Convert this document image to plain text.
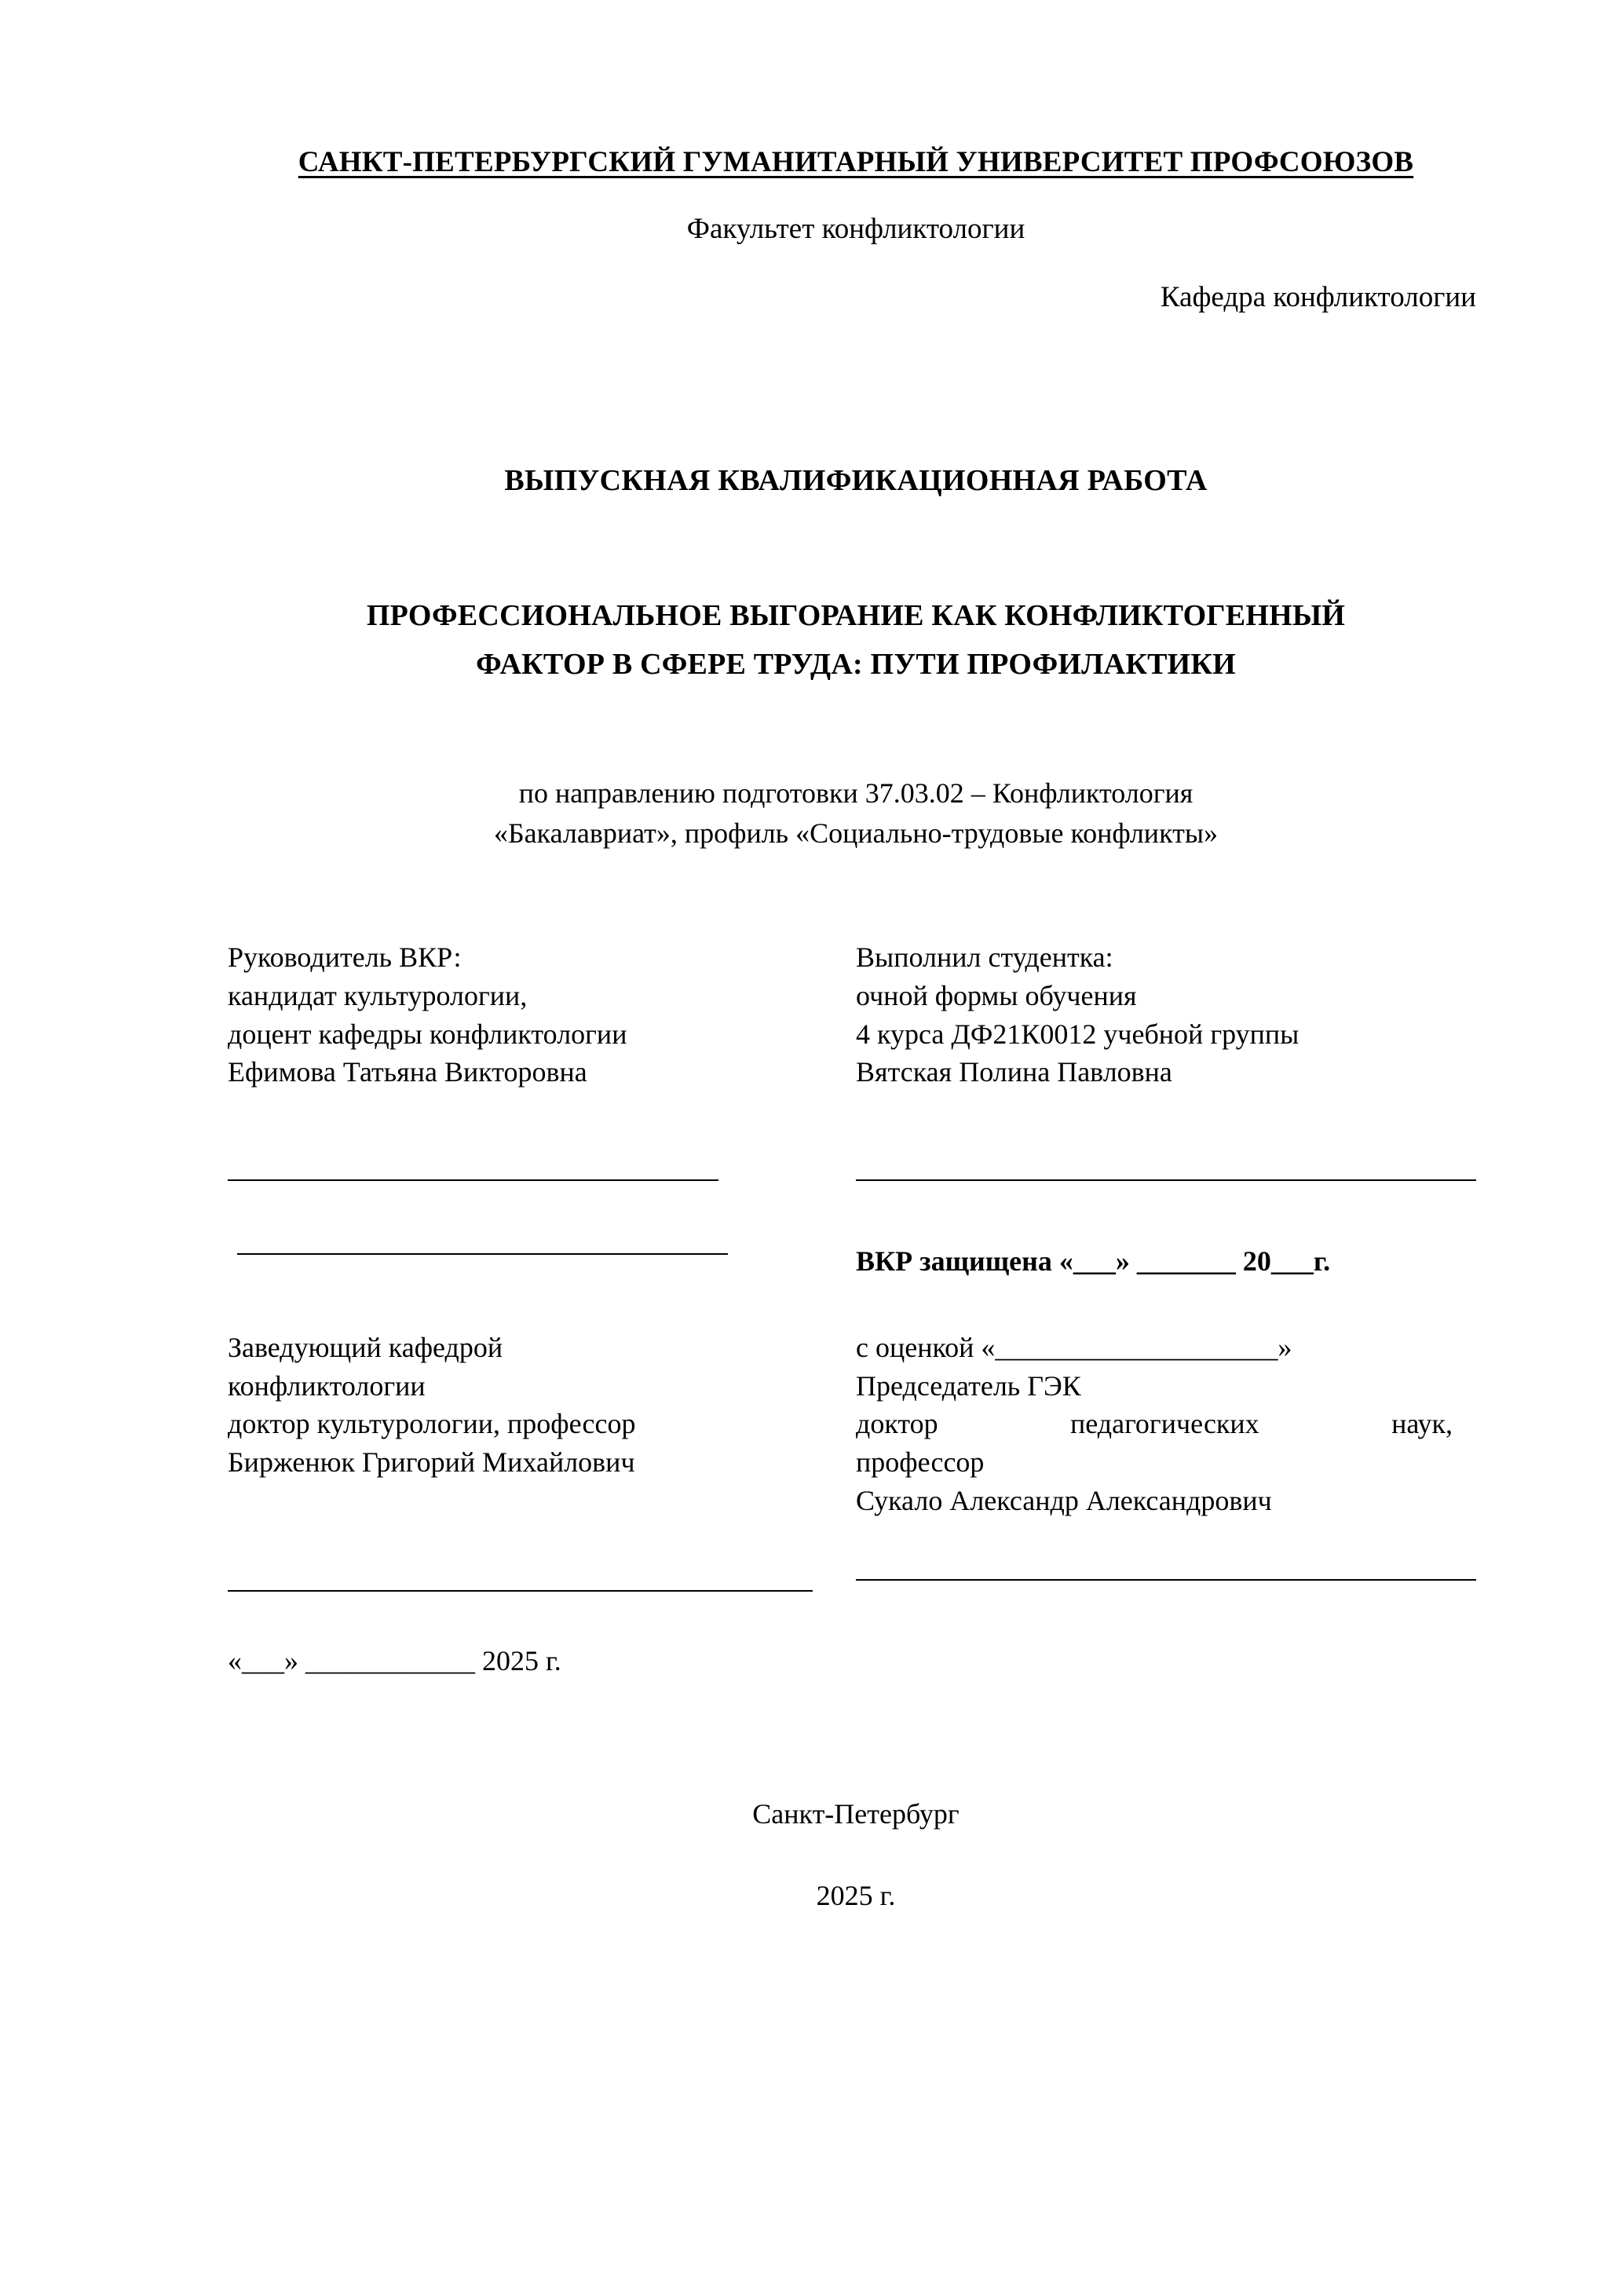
САНКТ-ПЕТЕРБУРГСКИЙ ГУМАНИТАРНЫЙ УНИВЕРСИТЕТ ПРОФСОЮЗОВ
Факультет конфликтологии
Кафедра конфликтологии
ВЫПУСКНАЯ КВАЛИФИКАЦИОННАЯ РАБОТА
ПРОФЕССИОНАЛЬНОЕ ВЫГОРАНИЕ КАК КОНФЛИКТОГЕННЫЙ
ФАКТОР В СФЕРЕ ТРУДА: ПУТИ ПРОФИЛАКТИКИ
по направлению подготовки 37.03.02 – Конфликтология
«Бакалавриат», профиль «Социально-трудовые конфликты»
Руководитель ВКР:
кандидат культурологии,
доцент кафедры конфликтологии
Ефимова Татьяна Викторовна
Выполнил студентка:
очной формы обучения
4 курса ДФ21К0012 учебной группы
Вятская Полина Павловна
ВКР защищена «___» _______ 20___г.
Заведующий кафедрой
конфликтологии
доктор культурологии, профессор
Бирженюк Григорий Михайлович
«___» ____________ 2025 г.
с оценкой «____________________»
Председатель ГЭК
доктор	педагогических	наук,
профессор
Сукало Александр Александрович
Санкт-Петербург
2025 г.
